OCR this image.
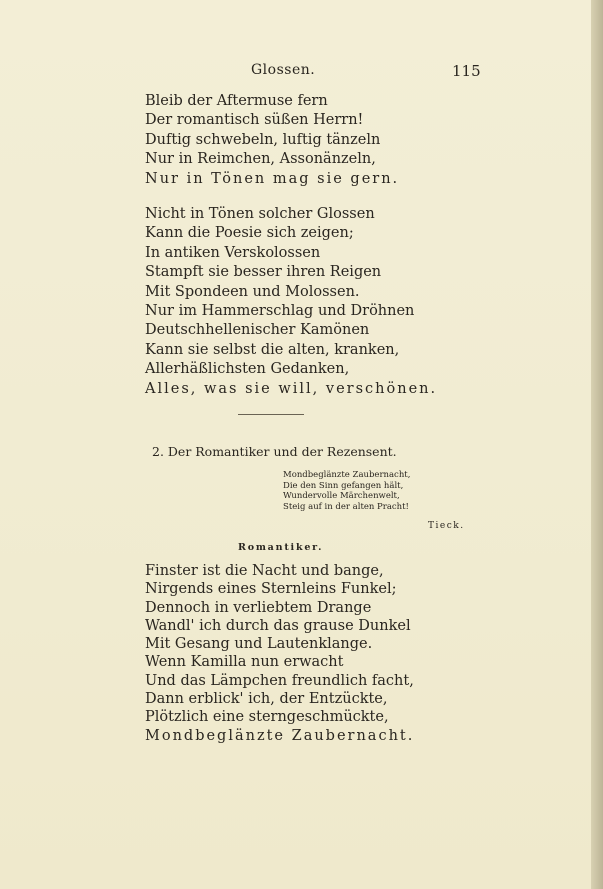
Glossen.	115
Bleib der Aftermuse fern
Der romantisch süßen Herrn!
Duftig schwebeln, luftig tänzeln
Nur in Reimchen, Assonänzeln,
Nur in Tönen mag sie gern.
Nicht in Tönen solcher Glossen
Kann die Poesie sich zeigen;
In antiken Verskolossen
Stampft sie besser ihren Reigen
Mit Spondeen und Molossen.
Nur im Hammerschlag und Dröhnen
Deutschhellenischer Kamönen
Kann sie selbst die alten, kranken,
Allerhäßlichsten Gedanken,
Alles, was sie will, verschönen.
2. Der Romantiker und der Rezensent.
Mondbeglänzte Zaubernacht,
Die den Sinn gefangen hält,
Wundervolle Märchenwelt,
Steig auf in der alten Pracht!
Tieck.
Romantiker.
Finster ist die Nacht und bange,
Nirgends eines Sternleins Funkel;
Dennoch in verliebtem Drange
Wandl' ich durch das grause Dunkel
Mit Gesang und Lautenklange.
Wenn Kamilla nun erwacht
Und das Lämpchen freundlich facht,
Dann erblick' ich, der Entzückte,
Plötzlich eine sterngeschmückte,
Mondbeglänzte Zaubernacht.
